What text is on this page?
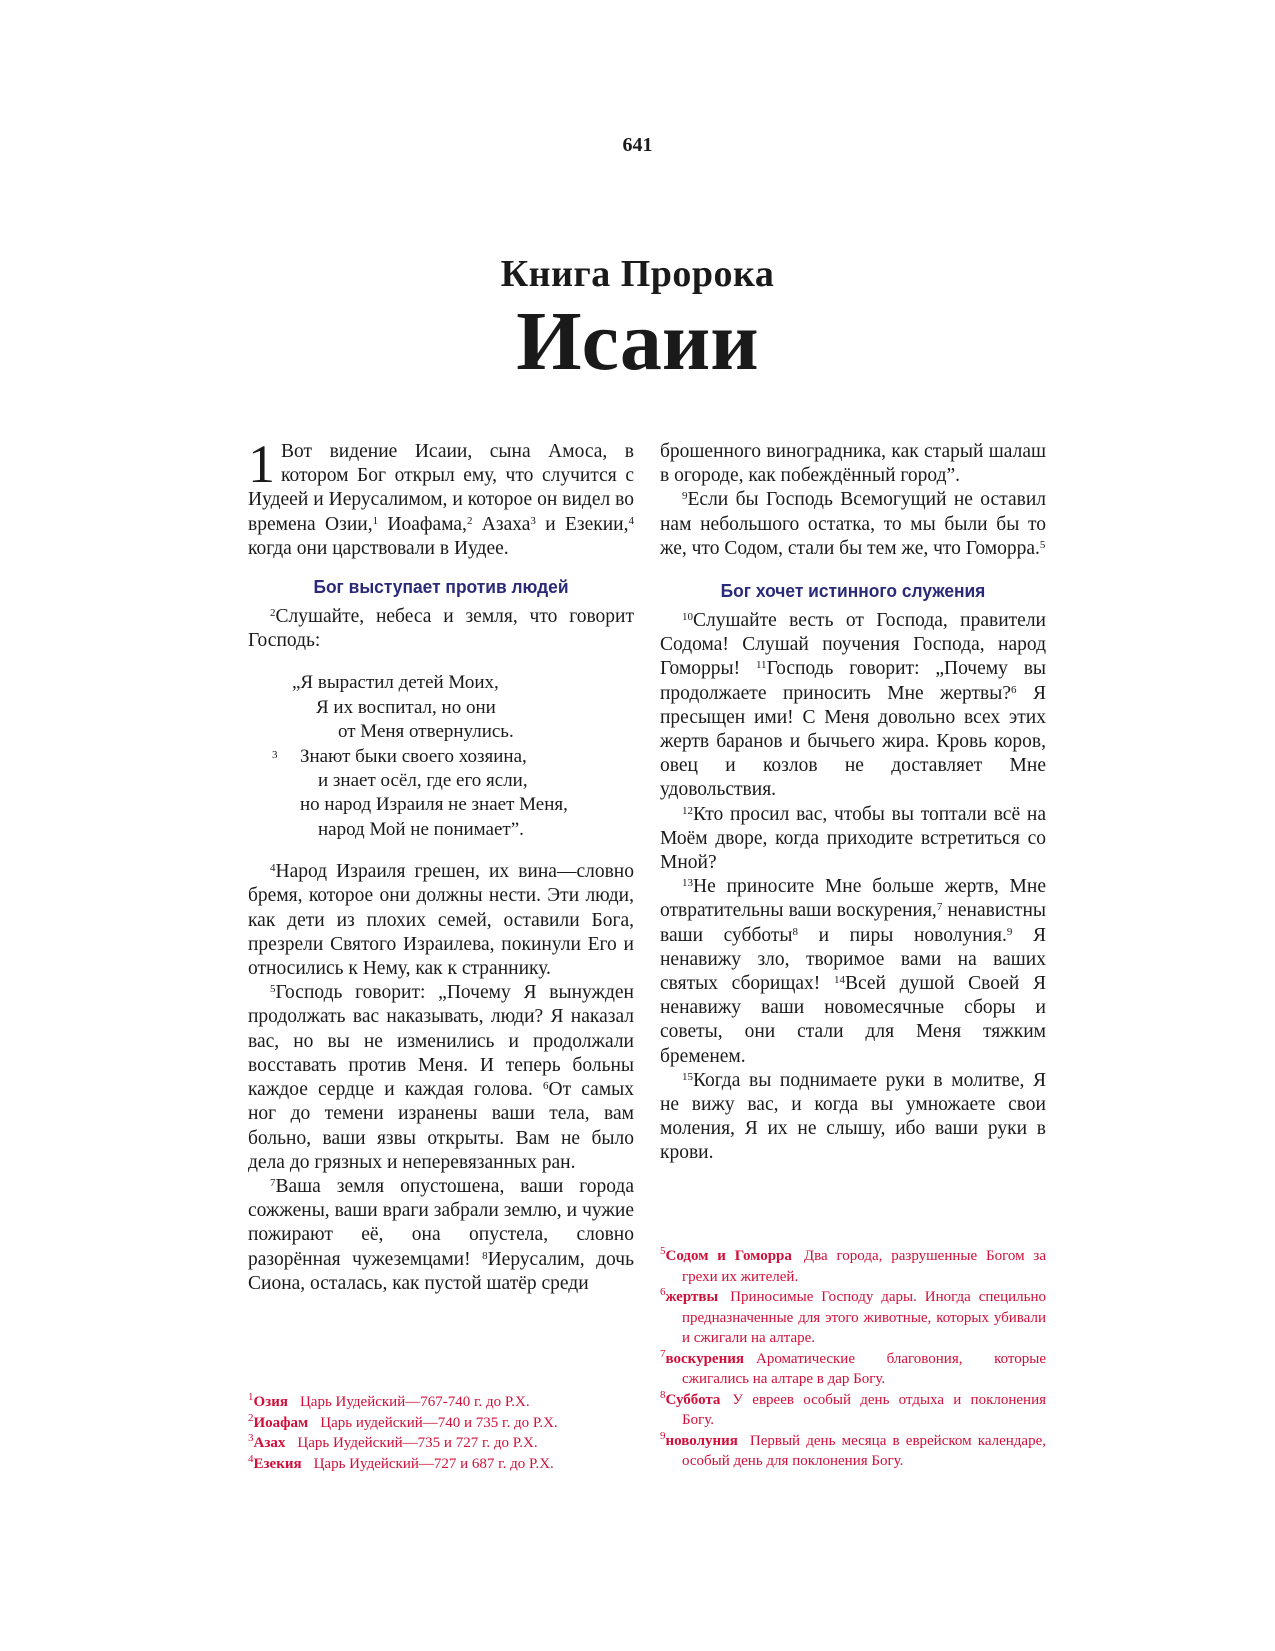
641
Книга Пророка
Исаии

1 Вот видение Исаии, сына Амоса, в котором Бог открыл ему, что случится с Иудеей и Иерусалимом, и которое он видел во времена Озии,$^1$ Иоафама,$^2$ Азаха$^3$ и Езекии,$^4$ когда они царствовали в Иудее.

Бог выступает против людей

$^2$Слушайте, небеса и земля, что говорит Господь:

„Я вырастил детей Моих,
Я их воспитал, но они
от Меня отвернулись.
3 Знают быки своего хозяина,
и знает осёл, где его ясли,
но народ Израиля не знает Меня,
народ Мой не понимает”.

$^4$Народ Израиля грешен, их вина—словно бремя, которое они должны нести. Эти люди, как дети из плохих семей, оставили Бога, презрели Святого Израилева, покинули Его и относились к Нему, как к страннику.

$^5$Господь говорит: „Почему Я вынужден продолжать вас наказывать, люди? Я наказал вас, но вы не изменились и продолжали восставать против Меня. И теперь больны каждое сердце и каждая голова. $^6$От самых ног до темени изранены ваши тела, вам больно, ваши язвы открыты. Вам не было дела до грязных и неперевязанных ран.

$^7$Ваша земля опустошена, ваши города сожжены, ваши враги забрали землю, и чужие пожирают её, она опустела, словно разорённая чужеземцами! $^8$Иерусалим, дочь Сиона, осталась, как пустой шатёр среди

брошенного виноградника, как старый шалаш в огороде, как побеждённый город”.

$^9$Если бы Господь Всемогущий не оставил нам небольшого остатка, то мы были бы то же, что Содом, стали бы тем же, что Гоморра.$^5$

Бог хочет истинного служения

$^{10}$Слушайте весть от Господа, правители Содома! Слушай поучения Господа, народ Гоморры! $^{11}$Господь говорит: „Почему вы продолжаете приносить Мне жертвы?$^6$ Я пресыщен ими! С Меня довольно всех этих жертв баранов и бычьего жира. Кровь коров, овец и козлов не доставляет Мне удовольствия.

$^{12}$Кто просил вас, чтобы вы топтали всё на Моём дворе, когда приходите встретиться со Мной?

$^{13}$Не приносите Мне больше жертв, Мне отвратительны ваши воскурения,$^7$ ненавистны ваши субботы$^8$ и пиры новолуния.$^9$ Я ненавижу зло, творимое вами на ваших святых сборищах! $^{14}$Всей душой Своей Я ненавижу ваши новомесячные сборы и советы, они стали для Меня тяжким бременем.

$^{15}$Когда вы поднимаете руки в молитве, Я не вижу вас, и когда вы умножаете свои моления, Я их не слышу, ибо ваши руки в крови.

$^1$Озия Царь Иудейский—767-740 г. до Р.Х.
$^2$Иоафам Царь иудейский—740 и 735 г. до Р.Х.
$^3$Азах Царь Иудейский—735 и 727 г. до Р.Х.
$^4$Езекия Царь Иудейский—727 и 687 г. до Р.Х.
$^5$Содом и Гоморра Два города, разрушенные Богом за грехи их жителей.
$^6$жертвы Приносимые Господу дары. Иногда специльно предназначенные для этого животные, которых убивали и сжигали на алтаре.
$^7$воскурения Ароматические благовония, которые сжигались на алтаре в дар Богу.
$^8$Суббота У евреев особый день отдыха и поклонения Богу.
$^9$новолуния Первый день месяца в еврейском календаре, особый день для поклонения Богу.
